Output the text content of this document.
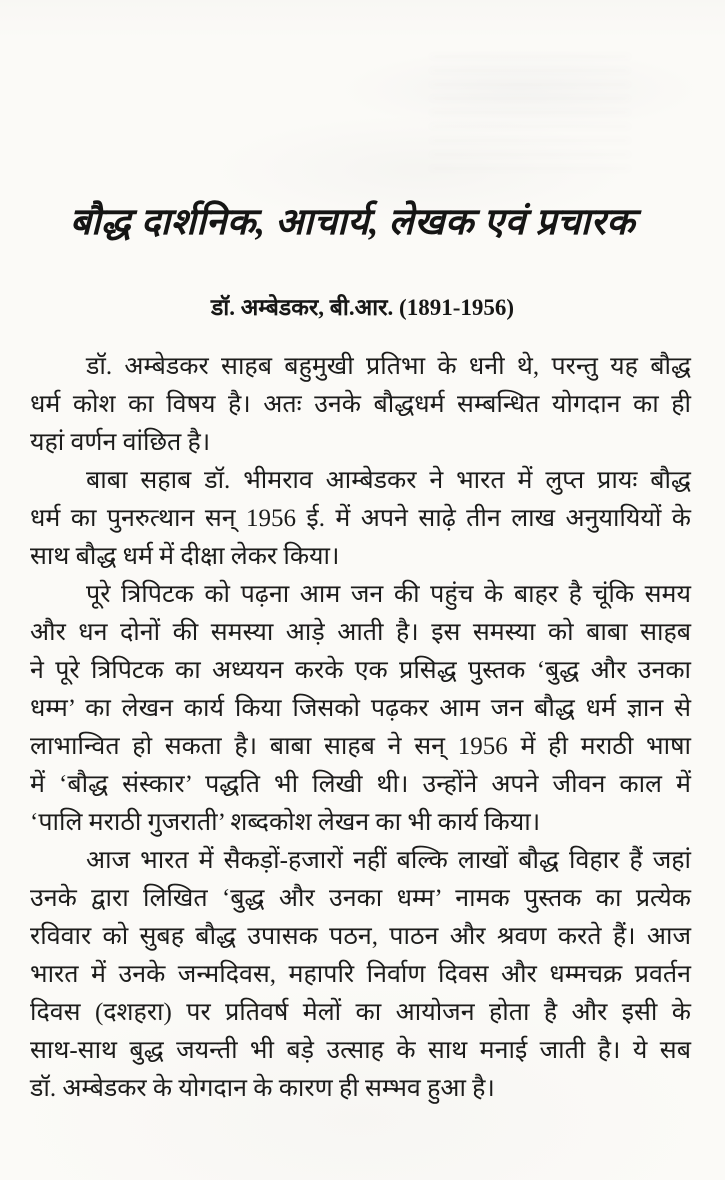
बौद्ध दार्शनिक, आचार्य, लेखक एवं प्रचारक
डॉ. अम्बेडकर, बी.आर. (1891-1956)
डॉ. अम्बेडकर साहब बहुमुखी प्रतिभा के धनी थे, परन्तु यह बौद्ध
धर्म कोश का विषय है। अतः उनके बौद्धधर्म सम्बन्धित योगदान का ही
यहां वर्णन वांछित है।
बाबा सहाब डॉ. भीमराव आम्बेडकर ने भारत में लुप्त प्रायः बौद्ध
धर्म का पुनरुत्थान सन् 1956 ई. में अपने साढ़े तीन लाख अनुयायियों के
साथ बौद्ध धर्म में दीक्षा लेकर किया।
पूरे त्रिपिटक को पढ़ना आम जन की पहुंच के बाहर है चूंकि समय
और धन दोनों की समस्या आड़े आती है। इस समस्या को बाबा साहब
ने पूरे त्रिपिटक का अध्ययन करके एक प्रसिद्ध पुस्तक ‘बुद्ध और उनका
धम्म’ का लेखन कार्य किया जिसको पढ़कर आम जन बौद्ध धर्म ज्ञान से
लाभान्वित हो सकता है। बाबा साहब ने सन् 1956 में ही मराठी भाषा
में ‘बौद्ध संस्कार’ पद्धति भी लिखी थी। उन्होंने अपने जीवन काल में
‘पालि मराठी गुजराती’ शब्दकोश लेखन का भी कार्य किया।
आज भारत में सैकड़ों-हजारों नहीं बल्कि लाखों बौद्ध विहार हैं जहां
उनके द्वारा लिखित ‘बुद्ध और उनका धम्म’ नामक पुस्तक का प्रत्येक
रविवार को सुबह बौद्ध उपासक पठन, पाठन और श्रवण करते हैं। आज
भारत में उनके जन्मदिवस, महापरि निर्वाण दिवस और धम्मचक्र प्रवर्तन
दिवस (दशहरा) पर प्रतिवर्ष मेलों का आयोजन होता है और इसी के
साथ-साथ बुद्ध जयन्ती भी बड़े उत्साह के साथ मनाई जाती है। ये सब
डॉ. अम्बेडकर के योगदान के कारण ही सम्भव हुआ है।
